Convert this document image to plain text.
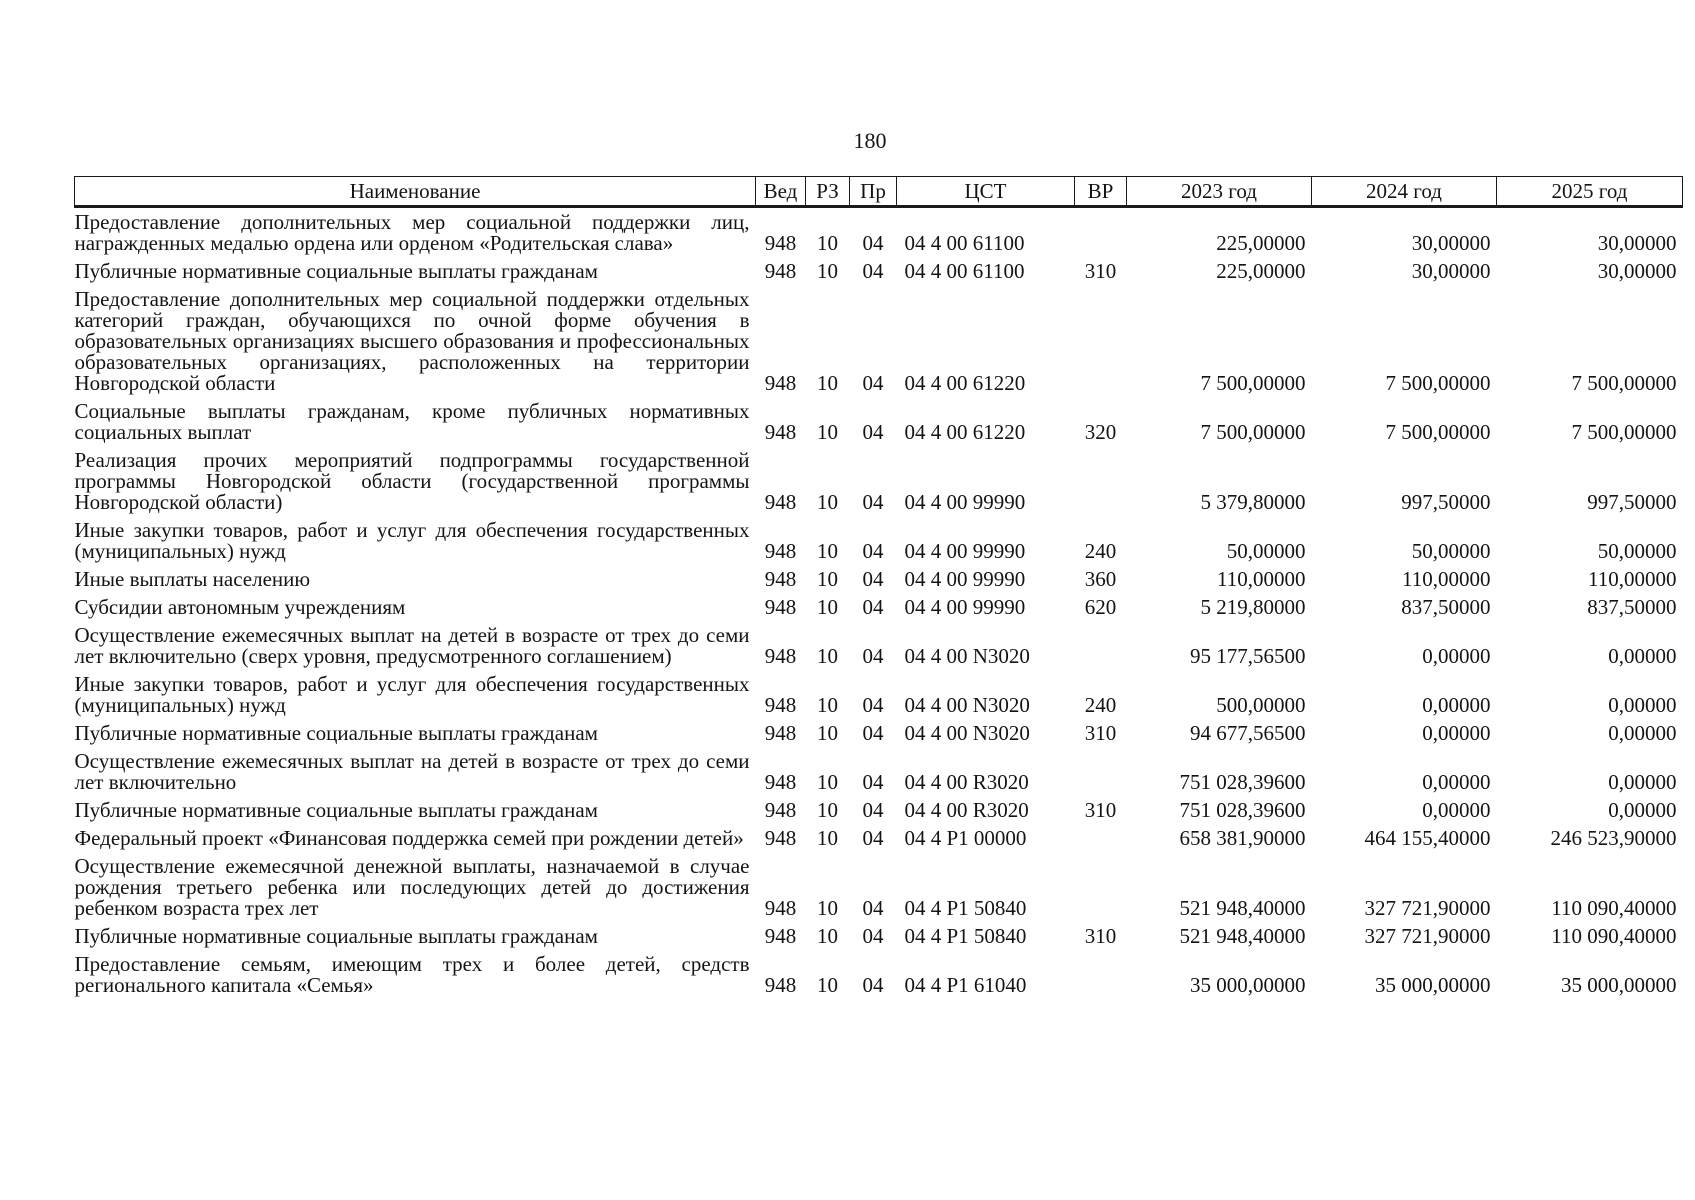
180
Наименование	Вед	РЗ	Пр	ЦСТ	ВР	2023 год	2024 год	2025 год
Предоставление дополнительных мер социальной поддержки лиц, награжденных медалью ордена или орденом «Родительская слава»	948	10	04	04 4 00 61100		225,00000	30,00000	30,00000
Публичные нормативные социальные выплаты гражданам	948	10	04	04 4 00 61100	310	225,00000	30,00000	30,00000
Предоставление дополнительных мер социальной поддержки отдельных категорий граждан, обучающихся по очной форме обучения в образовательных организациях высшего образования и профессиональных образовательных организациях, расположенных на территории Новгородской области	948	10	04	04 4 00 61220		7 500,00000	7 500,00000	7 500,00000
Социальные выплаты гражданам, кроме публичных нормативных социальных выплат	948	10	04	04 4 00 61220	320	7 500,00000	7 500,00000	7 500,00000
Реализация прочих мероприятий подпрограммы государственной программы Новгородской области (государственной программы Новгородской области)	948	10	04	04 4 00 99990		5 379,80000	997,50000	997,50000
Иные закупки товаров, работ и услуг для обеспечения государственных (муниципальных) нужд	948	10	04	04 4 00 99990	240	50,00000	50,00000	50,00000
Иные выплаты населению	948	10	04	04 4 00 99990	360	110,00000	110,00000	110,00000
Субсидии автономным учреждениям	948	10	04	04 4 00 99990	620	5 219,80000	837,50000	837,50000
Осуществление ежемесячных выплат на детей в возрасте от трех до семи лет включительно (сверх уровня, предусмотренного соглашением)	948	10	04	04 4 00 N3020		95 177,56500	0,00000	0,00000
Иные закупки товаров, работ и услуг для обеспечения государственных (муниципальных) нужд	948	10	04	04 4 00 N3020	240	500,00000	0,00000	0,00000
Публичные нормативные социальные выплаты гражданам	948	10	04	04 4 00 N3020	310	94 677,56500	0,00000	0,00000
Осуществление ежемесячных выплат на детей в возрасте от трех до семи лет включительно	948	10	04	04 4 00 R3020		751 028,39600	0,00000	0,00000
Публичные нормативные социальные выплаты гражданам	948	10	04	04 4 00 R3020	310	751 028,39600	0,00000	0,00000
Федеральный проект «Финансовая поддержка семей при рождении детей»	948	10	04	04 4 P1 00000		658 381,90000	464 155,40000	246 523,90000
Осуществление ежемесячной денежной выплаты, назначаемой в случае рождения третьего ребенка или последующих детей до достижения ребенком возраста трех лет	948	10	04	04 4 P1 50840		521 948,40000	327 721,90000	110 090,40000
Публичные нормативные социальные выплаты гражданам	948	10	04	04 4 P1 50840	310	521 948,40000	327 721,90000	110 090,40000
Предоставление семьям, имеющим трех и более детей, средств регионального капитала «Семья»	948	10	04	04 4 P1 61040		35 000,00000	35 000,00000	35 000,00000
